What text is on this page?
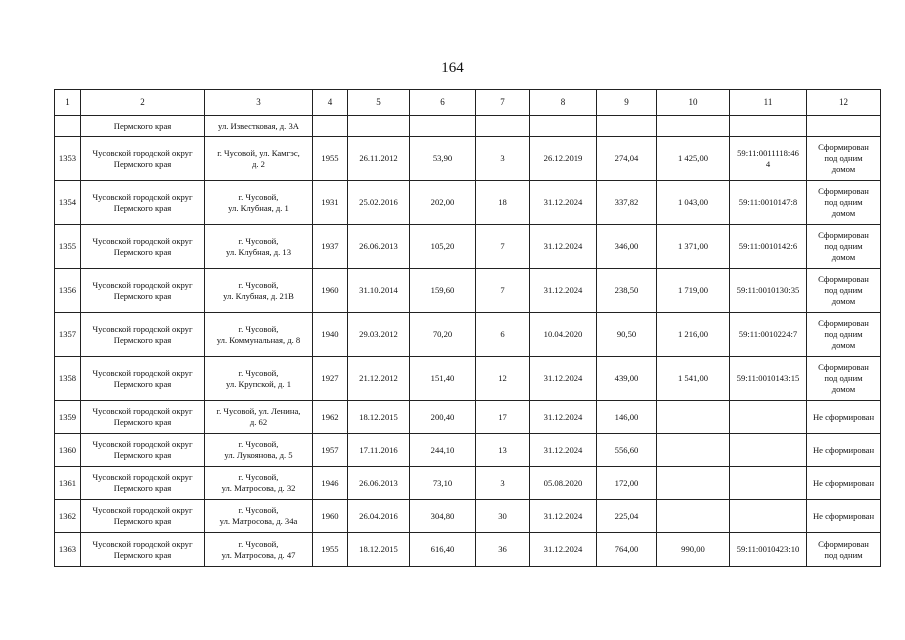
164
1	2	3	4	5	6	7	8	9	10	11	12
	Пермского края	ул. Известковая, д. 3А									
1353	Чусовской городской округ
Пермского края	г. Чусовой, ул. Камгэс,
д. 2	1955	26.11.2012	53,90	3	26.12.2019	274,04	1 425,00	59:11:0011118:46
4	Сформирован
под одним
домом
1354	Чусовской городской округ
Пермского края	г. Чусовой,
ул. Клубная, д. 1	1931	25.02.2016	202,00	18	31.12.2024	337,82	1 043,00	59:11:0010147:8	Сформирован
под одним
домом
1355	Чусовской городской округ
Пермского края	г. Чусовой,
ул. Клубная, д. 13	1937	26.06.2013	105,20	7	31.12.2024	346,00	1 371,00	59:11:0010142:6	Сформирован
под одним
домом
1356	Чусовской городской округ
Пермского края	г. Чусовой,
ул. Клубная, д. 21В	1960	31.10.2014	159,60	7	31.12.2024	238,50	1 719,00	59:11:0010130:35	Сформирован
под одним
домом
1357	Чусовской городской округ
Пермского края	г. Чусовой,
ул. Коммунальная, д. 8	1940	29.03.2012	70,20	6	10.04.2020	90,50	1 216,00	59:11:0010224:7	Сформирован
под одним
домом
1358	Чусовской городской округ
Пермского края	г. Чусовой,
ул. Крупской, д. 1	1927	21.12.2012	151,40	12	31.12.2024	439,00	1 541,00	59:11:0010143:15	Сформирован
под одним
домом
1359	Чусовской городской округ
Пермского края	г. Чусовой, ул. Ленина,
д. 62	1962	18.12.2015	200,40	17	31.12.2024	146,00			Не сформирован
1360	Чусовской городской округ
Пермского края	г. Чусовой,
ул. Лукоянова, д. 5	1957	17.11.2016	244,10	13	31.12.2024	556,60			Не сформирован
1361	Чусовской городской округ
Пермского края	г. Чусовой,
ул. Матросова, д. 32	1946	26.06.2013	73,10	3	05.08.2020	172,00			Не сформирован
1362	Чусовской городской округ
Пермского края	г. Чусовой,
ул. Матросова, д. 34а	1960	26.04.2016	304,80	30	31.12.2024	225,04			Не сформирован
1363	Чусовской городской округ
Пермского края	г. Чусовой,
ул. Матросова, д. 47	1955	18.12.2015	616,40	36	31.12.2024	764,00	990,00	59:11:0010423:10	Сформирован
под одним
